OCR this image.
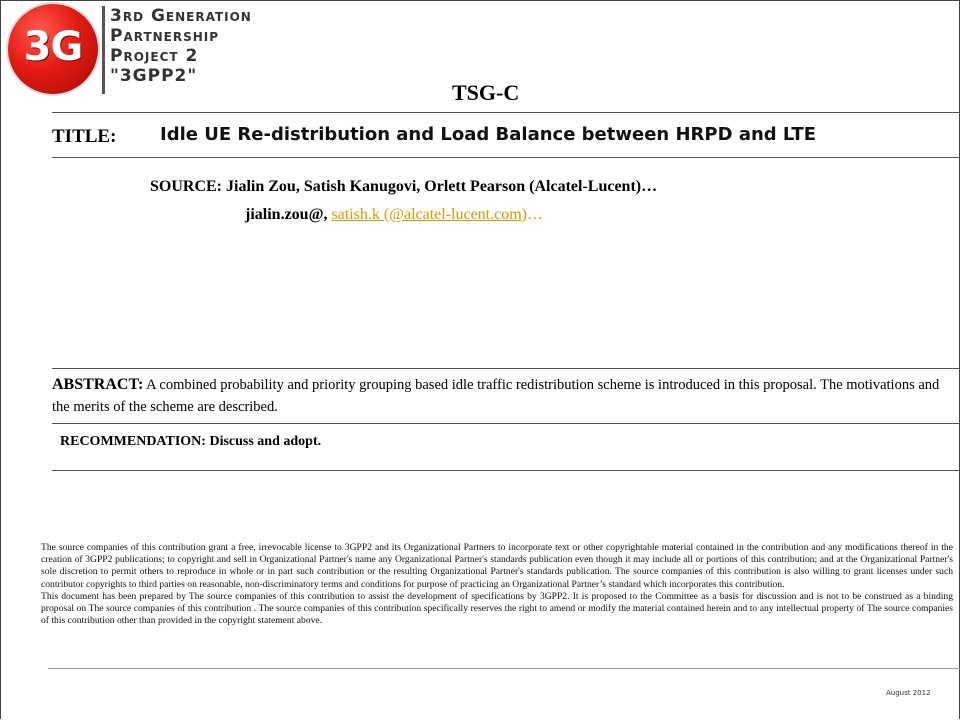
3G
3rd Generation
Partnership
Project 2
"3GPP2"
TSG-C
TITLE: Idle UE Re-distribution and Load Balance between HRPD and LTE
SOURCE: Jialin Zou, Satish Kanugovi, Orlett Pearson (Alcatel-Lucent)…
jialin.zou@, satish.k (@alcatel-lucent.com)…
ABSTRACT: A combined probability and priority grouping based idle traffic redistribution scheme is introduced in this proposal. The motivations and the merits of the scheme are described.
RECOMMENDATION: Discuss and adopt.

The source companies of this contribution grant a free, irrevocable license to 3GPP2 and its Organizational Partners to incorporate text or other copyrightable material contained in the contribution and any modifications thereof in the creation of 3GPP2 publications; to copyright and sell in Organizational Partner's name any Organizational Partner's standards publication even though it may include all or portions of this contribution; and at the Organizational Partner's sole discretion to permit others to reproduce in whole or in part such contribution or the resulting Organizational Partner's standards publication. The source companies of this contribution is also willing to grant licenses under such contributor copyrights to third parties on reasonable, non-discriminatory terms and conditions for purpose of practicing an Organizational Partner’s standard which incorporates this contribution.

This document has been prepared by The source companies of this contribution to assist the development of specifications by 3GPP2. It is proposed to the Committee as a basis for discussion and is not to be construed as a binding proposal on The source companies of this contribution . The source companies of this contribution specifically reserves the right to amend or modify the material contained herein and to any intellectual property of The source companies of this contribution other than provided in the copyright statement above.

August 2012
